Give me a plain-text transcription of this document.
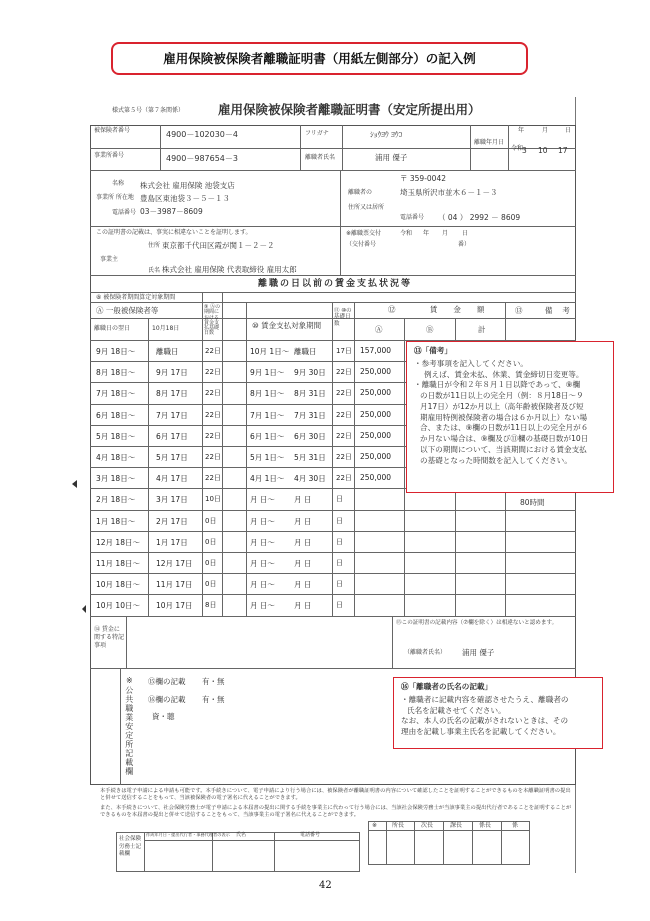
雇用保険被保険者離職証明書（用紙左側部分）の記入例
様式第５号（第７条関係）	雇用保険被保険者離職証明書（安定所提出用）
被保険者番号	4900－102030－4
事業所番号	4900－987654－3
フリガナ	ｼｮｳﾖｳ ﾖｳｺ
離職者氏名	浦用 優子
離職年月日
令和
年	月	日
3 10 17
名称 株式会社 雇用保険 池袋支店
事業所 所在地 豊島区東池袋３－５－１３
電話番号 03－3987－8609
〒 359-0042
離職者の
住所又は居所
埼玉県所沢市並木６－１－３
電話番号 （ 04 ） 2992 － 8609
この証明書の記載は、事実に相違ないことを証明します。
住所 東京都千代田区霞が関１－２－２
事業主
氏名 株式会社 雇用保険 代表取締役 雇用太郎
※離職票交付	令和 年 月 日
（交付番号	番）
離職の日以前の賃金支払状況等
⑧ 被保険者期間算定対象期間
Ⓐ 一般被保険者等
離職日の翌日	10月18日
⑨ Ⓐの期間における賃金支払基礎日数
⑩ 賃金支払対象期間
⑪ ⑩の基礎日数
⑫ 賃金額
Ⓐ	Ⓑ	計
⑬ 備考
9月 18日～	離職日	22日	10月 1日～ 離職日	17日 157,000
8月 18日～	9月 17日 22日	9月 1日～ 9月 30日 22日 250,000
7月 18日～	8月 17日 22日	8月 1日～ 8月 31日 22日 250,000
6月 18日～	7月 17日 22日	7月 1日～ 7月 31日 22日 250,000
5月 18日～	6月 17日 22日	6月 1日～ 6月 30日 22日 250,000
4月 18日～	5月 17日 22日	5月 1日～ 5月 31日 22日 250,000
3月 18日～	4月 17日 22日	4月 1日～ 4月 30日 22日 250,000
2月 18日～	3月 17日 10日	月 日～	月 日	日
1月 18日～	2月 17日 0日	月 日～	月 日	日
12月 18日～ 1月 17日 0日	月 日～	月 日	日
11月 18日～ 12月 17日 0日	月 日～	月 日	日
10月 18日～ 11月 17日 0日	月 日～	月 日	日
10月 10日～ 10月 17日 8日	月 日～	月 日	日
80時間
⑭ 賃金に関する特記事項
⑮この証明書の記載内容（⑦欄を除く）は相違ないと認めます。
（離職者氏名） 浦用 優子
※公共職業安定所記載欄 ⑮欄の記載 有・無
⑯欄の記載 有・無
資・聴
本手続きは電子申請による申請も可能です。本手続きについて、電子申請により行う場合には、被保険者が離職証明書の内容について確認したことを証明することができるものを本離職証明書の提出と併せて送信することをもって、当該被保険者の電子署名に代えることができます。
また、本手続きについて、社会保険労務士が電子申請による本届書の提出に関する手続を事業主に代わって行う場合には、当該社会保険労務士が当該事業主の提出代行者であることを証明することができるものを本届書の提出と併せて送信することをもって、当該事業主の電子署名に代えることができます。
社会保険労務士記載欄
作成年月日・提出代行者・事務代理者の表示 氏名	電話番号
※ 所長	次長	課長	係長	係
⑬「備考」
・参考事項を記入してください。
例えば、賃金未払、休業、賃金締切日変更等。
・離職日が令和２年８月１日以降であって、⑨欄
の日数が11日以上の完全月（例：８月18日～９
月17日）が12か月以上（高年齢被保険者及び短
期雇用特例被保険者の場合は６か月以上）ない場
合、または、⑨欄の日数が11日以上の完全月が６
か月ない場合は、⑨欄及び⑪欄の基礎日数が10日
以下の期間について、当該期間における賃金支払
の基礎となった時間数を記入してください。
⑯「離職者の氏名の記載」
・離職者に記載内容を確認させたうえ、離職者の
氏名を記載させてください。
なお、本人の氏名の記載がされないときは、その
理由を記載し事業主氏名を記載してください。
42
